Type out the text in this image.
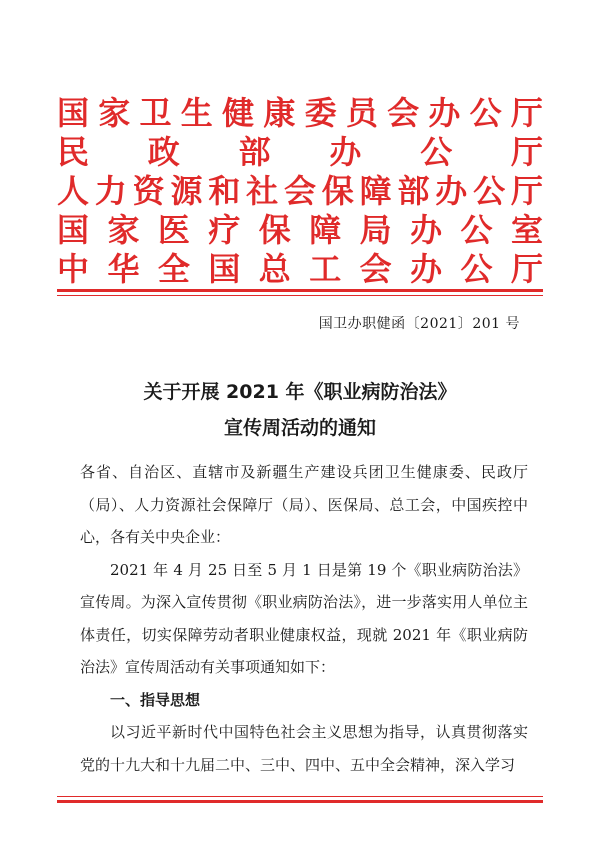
国 家 卫 生 健 康 委 员 会 办 公 厅
民 政 部 办 公 厅
人 力 资 源 和 社 会 保 障 部 办 公 厅
国 家 医 疗 保 障 局 办 公 室
中 华 全 国 总 工 会 办 公 厅
国卫办职健函〔2021〕201 号
关于开展 2021 年《职业病防治法》
宣传周活动的通知

各省、自治区、直辖市及新疆生产建设兵团卫生健康委、民政厅（局）、人力资源社会保障厅（局）、医保局、总工会，中国疾控中心，各有关中央企业：

2021 年 4 月 25 日至 5 月 1 日是第 19 个《职业病防治法》宣传周。为深入宣传贯彻《职业病防治法》，进一步落实用人单位主体责任，切实保障劳动者职业健康权益，现就 2021 年《职业病防治法》宣传周活动有关事项通知如下：

一、指导思想

以习近平新时代中国特色社会主义思想为指导，认真贯彻落实党的十九大和十九届二中、三中、四中、五中全会精神，深入学习
